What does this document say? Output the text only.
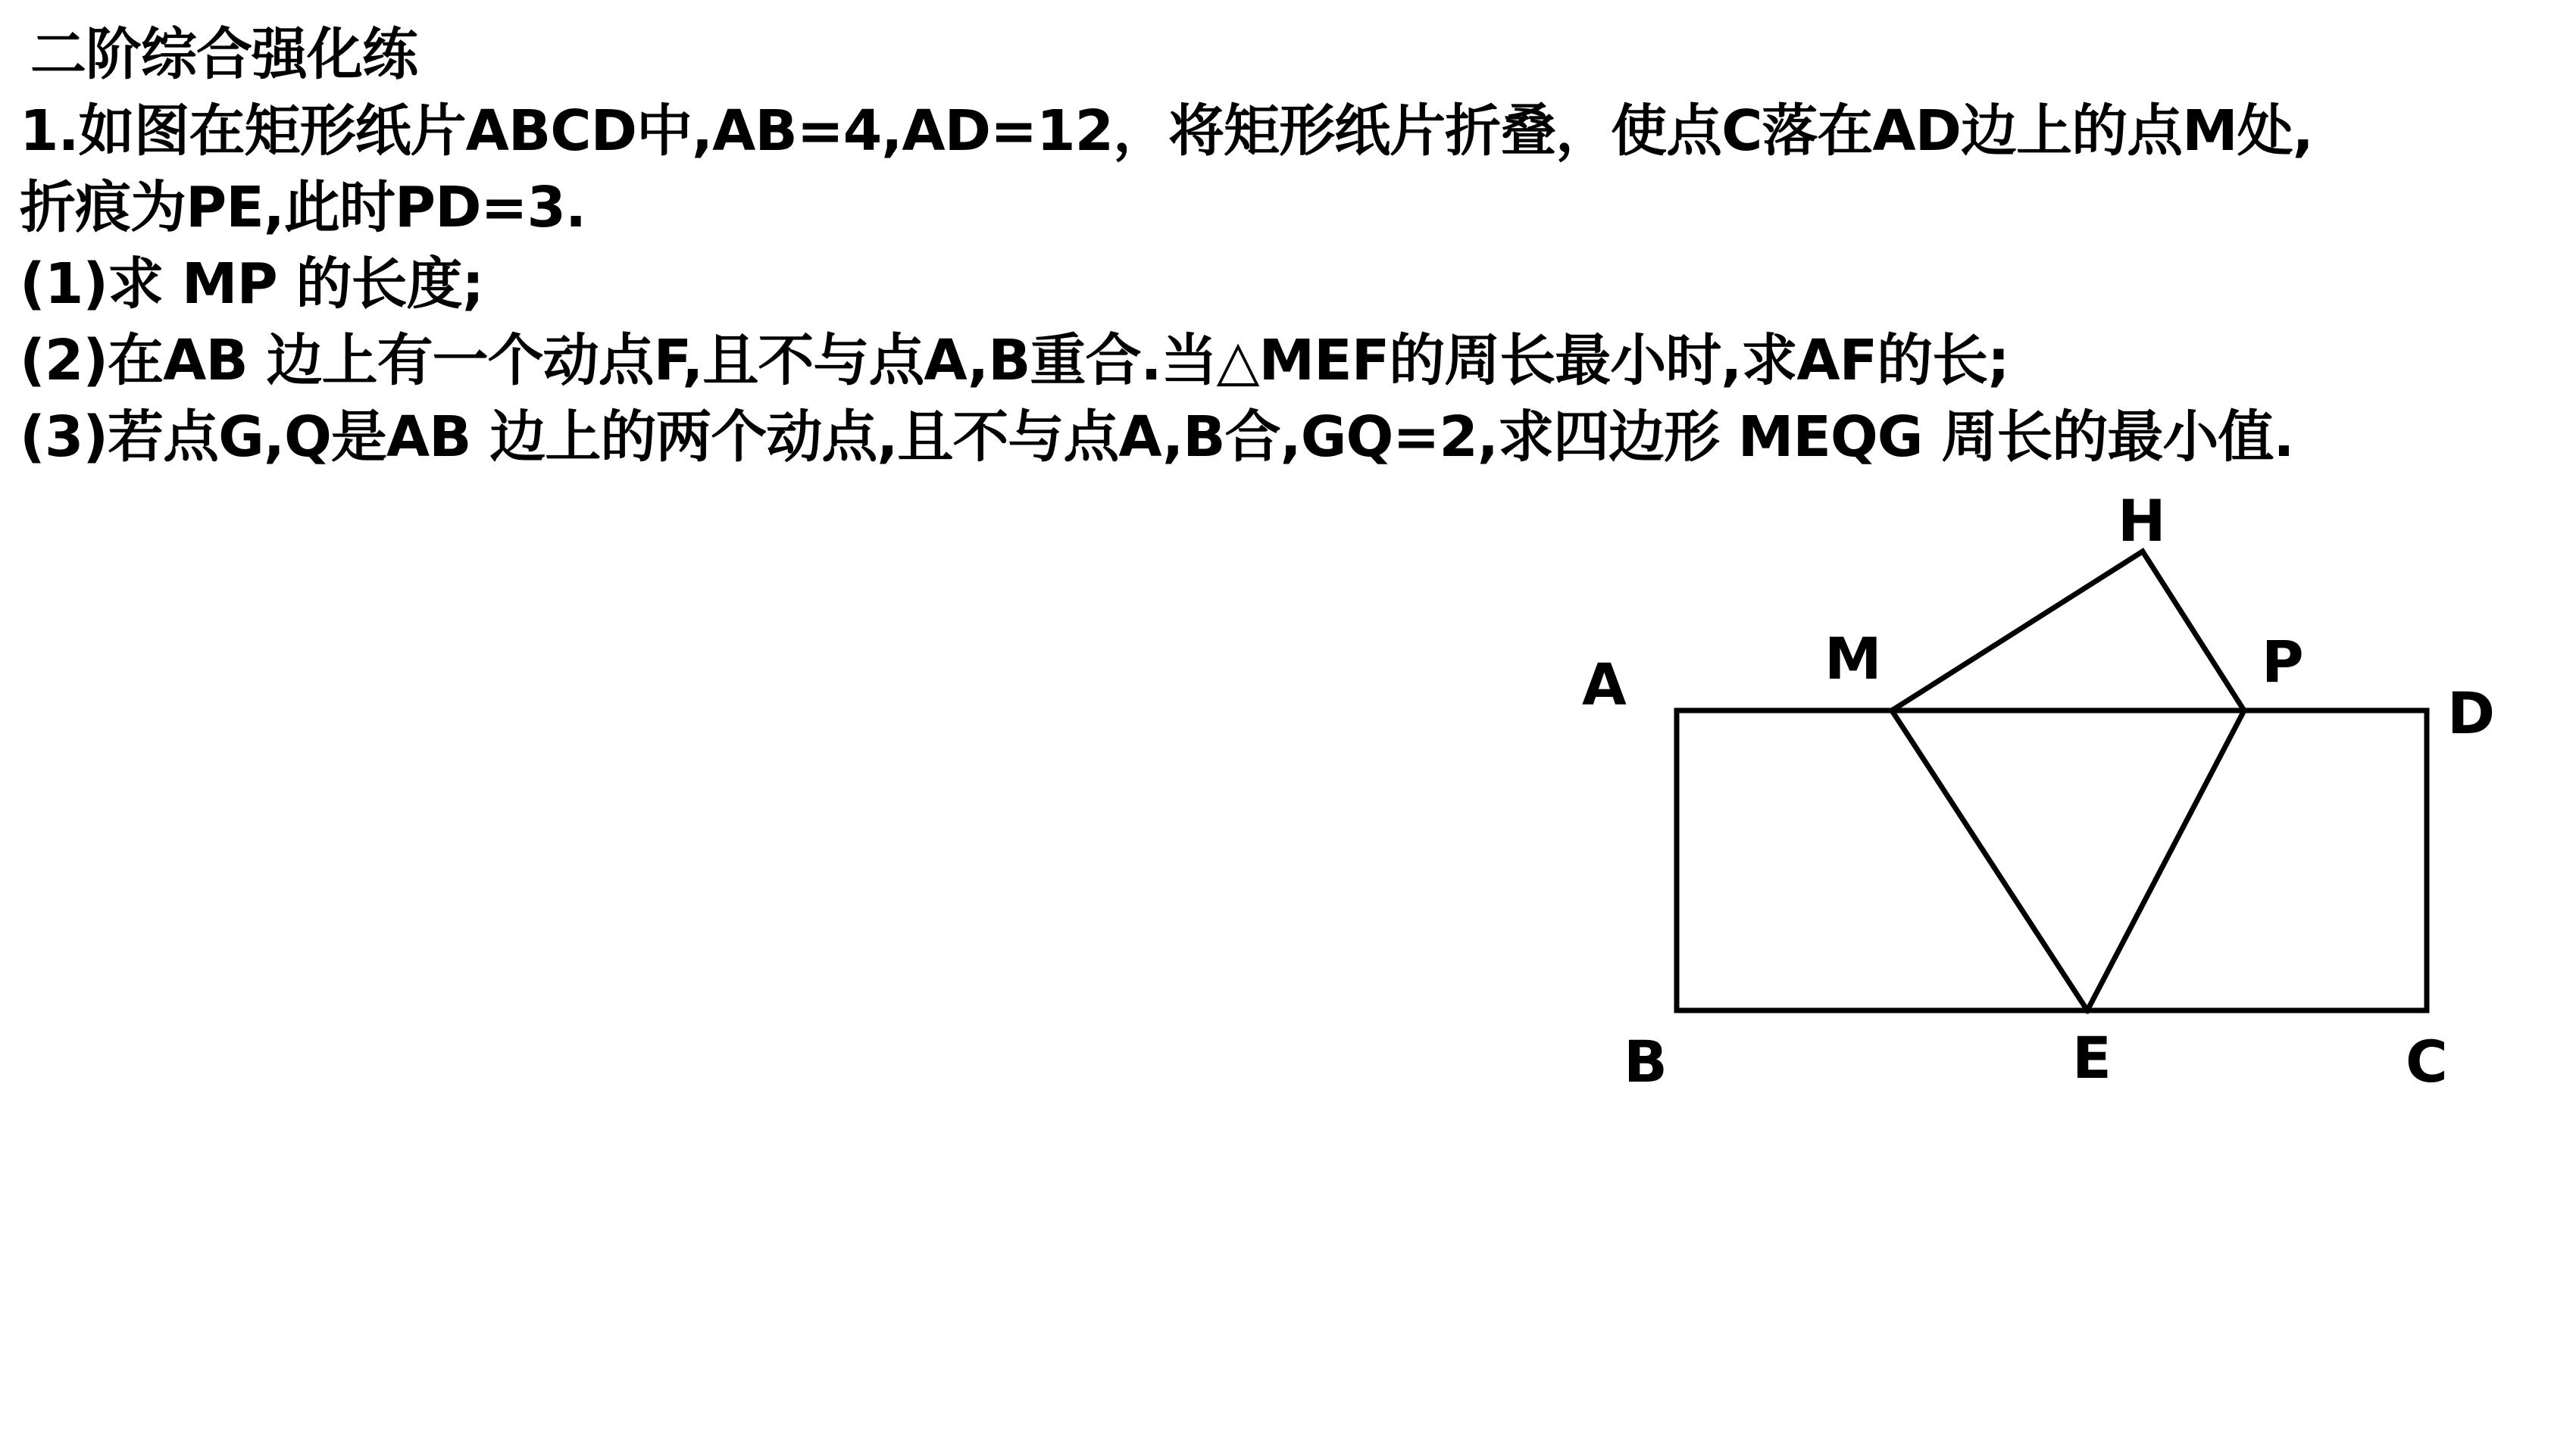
二阶综合强化练
1.如图在矩形纸片ABCD中,AB=4,AD=12，将矩形纸片折叠，使点C落在AD边上的点M处,
折痕为PE,此时PD=3.
(1)求 MP 的长度;
(2)在AB 边上有一个动点F,且不与点A,B重合.当△MEF的周长最小时,求AF的长;
(3)若点G,Q是AB 边上的两个动点,且不与点A,B合,GQ=2,求四边形 MEQG 周长的最小值.
A
B	C
D
M	P
E
H
